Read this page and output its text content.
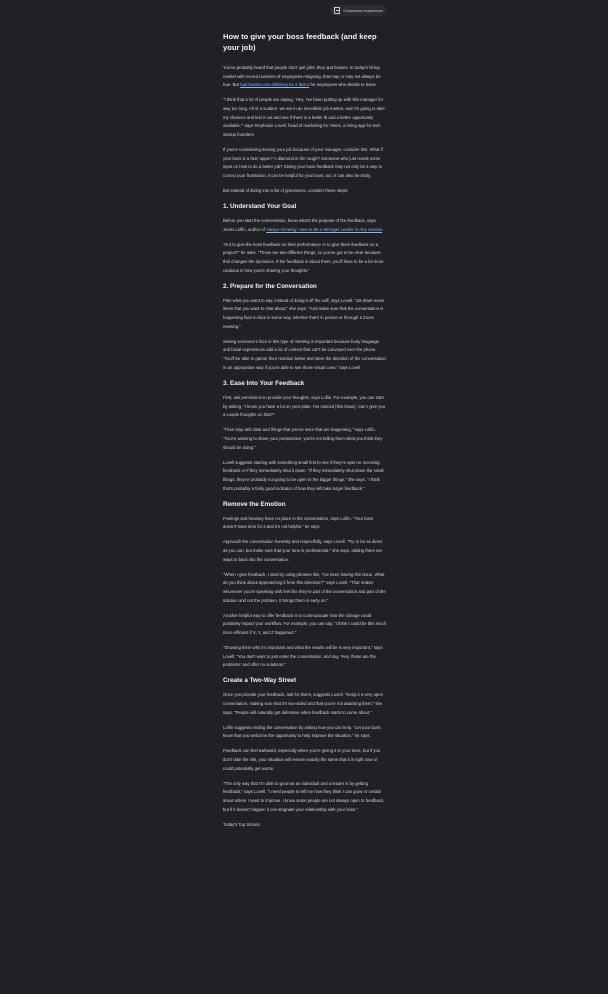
Customize experience
How to give your boss feedback (and keep your job)

You've probably heard that people don't quit jobs; they quit bosses. In today's hiring market with record numbers of employees resigning, that may or may not always be true. But bad bosses can definitely be a factor for employees who decide to leave.

"I think that a lot of people are saying, 'Hey, I've been putting up with this manager for way too long. All of a sudden, we are in an incredible job market, and I'm going to take my chances and test it out and see if there is a better fit and a better opportunity available,'" says Stephanie Lovell, head of marketing for Hirect, a hiring app for tech startup founders.

If you're considering leaving your job because of your manager, consider this: What if your boss is a fixer upper? A diamond in the rough? Someone who just needs some input on how to do a better job? Giving your boss feedback may not only be a way to correct your frustration; it can be helpful for your boss, too. It can also be tricky.

But instead of diving into a list of grievances, consider these steps:

1. Understand Your Goal

Before you start the conversation, know what's the purpose of the feedback, says Jones Loflin, author of Always Growing: How to Be a Stronger Leader in Any Season.

"Is it to give the boss feedback on their performance or to give them feedback on a project?" he asks. "Those are two different things, so you've got to be clear because that changes the dynamics. If the feedback is about them, you'll have to be a lot more cautious in how you're sharing your thoughts."

2. Prepare for the Conversation

Plan what you want to say, instead of doing it off the cuff, says Lovell. "Jot down some items that you want to chat about," she says. "And make sure that the conversation is happening face to face in some way, whether that's in person or through a Zoom meeting."

Seeing someone's face in this type of meeting is important because body language and facial expressions add a lot of context that can't be conveyed over the phone. "You'll be able to garner their reaction better and steer the direction of the conversation in an appropriate way if you're able to see those visual cues," says Lovell.

3. Ease Into Your Feedback

First, ask permission to provide your thoughts, says Loflin. For example, you can start by asking, "I know you have a lot on your plate. I've noticed [this issue]. Can I give you a couple thoughts on that?"

"Then stay with data and things that you've seen that are happening," says Loflin. "You're wanting to share your perspective; you're not telling them what you think they should be doing."

Lovell suggests starting with something small first to see if they're open to receiving feedback or if they immediately shut it down. "If they immediately shut down the small things, they're probably not going to be open to the bigger things," she says. "I think that's probably a fairly good indicator of how they will take larger feedback."

Remove the Emotion

Feelings and hearsay have no place in the conversation, says Loflin. "Your boss doesn't have time for it and it's not helpful," he says.

Approach the conversation honestly and respectfully, says Lovell. "Try to be as direct as you can, but make sure that your tone is professional," she says, adding there are ways to back into the conversation.

"When I give feedback, I start by using phrases like, 'I've been having this issue. What do you think about approaching it from this direction?'" says Lovell. "That makes whomever you're speaking with feel like they're part of the conversation and part of the solution and not the problem. It brings them in early on."

Another helpful way to offer feedback is to communicate how the change could positively impact your workflow. For example, you can say, "I think I could be this much more efficient if X, Y, and Z happened."

"Showing them why it's important and what the results will be is very important," says Lovell. "You don't want to just enter the conversation, and say, 'Hey, these are the problems' and offer no solutions."

Create a Two-Way Street

Once you provide your feedback, ask for theirs, suggests Lovell. "Keep it a very open conversation, making sure that it's two-sided and that you're not attacking them," she says. "People will naturally get defensive when feedback starts to come about."

Loflin suggests ending the conversation by asking how you can help. "Let your boss know that you welcome the opportunity to help improve the situation," he says.

Feedback can feel awkward, especially when you're giving it to your boss, but if you don't take the risk, your situation will remain exactly the same that it is right now or could potentially get worse.

"The only way that I'm able to grow as an individual and a leader is by getting feedback," says Lovell. "I need people to tell me how they think I can grow or certain areas where I need to improve. I know some people are not always open to feedback, but if it doesn't happen it can stagnate your relationship with your boss."

Today's Top Stories:
